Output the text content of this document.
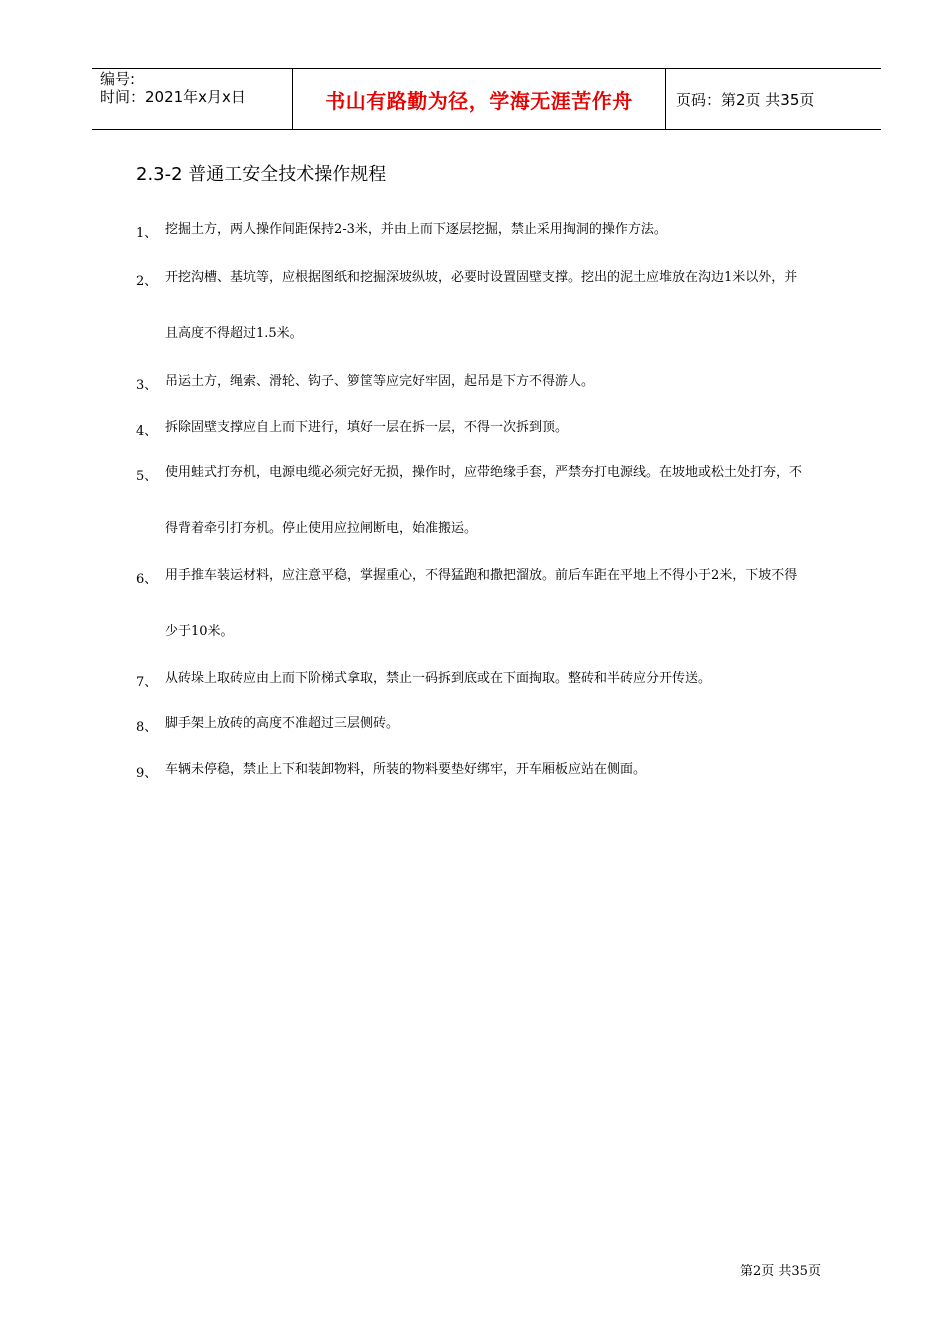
编号:
时间：2021年x月x日	书山有路勤为径，学海无涯苦作舟	页码：第2页 共35页
2.3-2 普通工安全技术操作规程
1、 挖掘土方，两人操作间距保持2-3米，并由上而下逐层挖掘，禁止采用掏洞的操作方法。
2、 开挖沟槽、基坑等，应根据图纸和挖掘深坡纵坡，必要时设置固壁支撑。挖出的泥土应堆放在沟边1米以外，并
且高度不得超过1.5米。
3、 吊运土方，绳索、滑轮、钩子、箩筐等应完好牢固，起吊是下方不得游人。
4、 拆除固壁支撑应自上而下进行，填好一层在拆一层，不得一次拆到顶。
5、 使用蛙式打夯机，电源电缆必须完好无损，操作时，应带绝缘手套，严禁夯打电源线。在坡地或松土处打夯，不
得背着牵引打夯机。停止使用应拉闸断电，始准搬运。
6、 用手推车装运材料，应注意平稳，掌握重心，不得猛跑和撒把溜放。前后车距在平地上不得小于2米，下坡不得
少于10米。
7、 从砖垛上取砖应由上而下阶梯式拿取，禁止一码拆到底或在下面掏取。整砖和半砖应分开传送。
8、 脚手架上放砖的高度不准超过三层侧砖。
9、 车辆未停稳，禁止上下和装卸物料，所装的物料要垫好绑牢，开车厢板应站在侧面。
第2页 共35页
